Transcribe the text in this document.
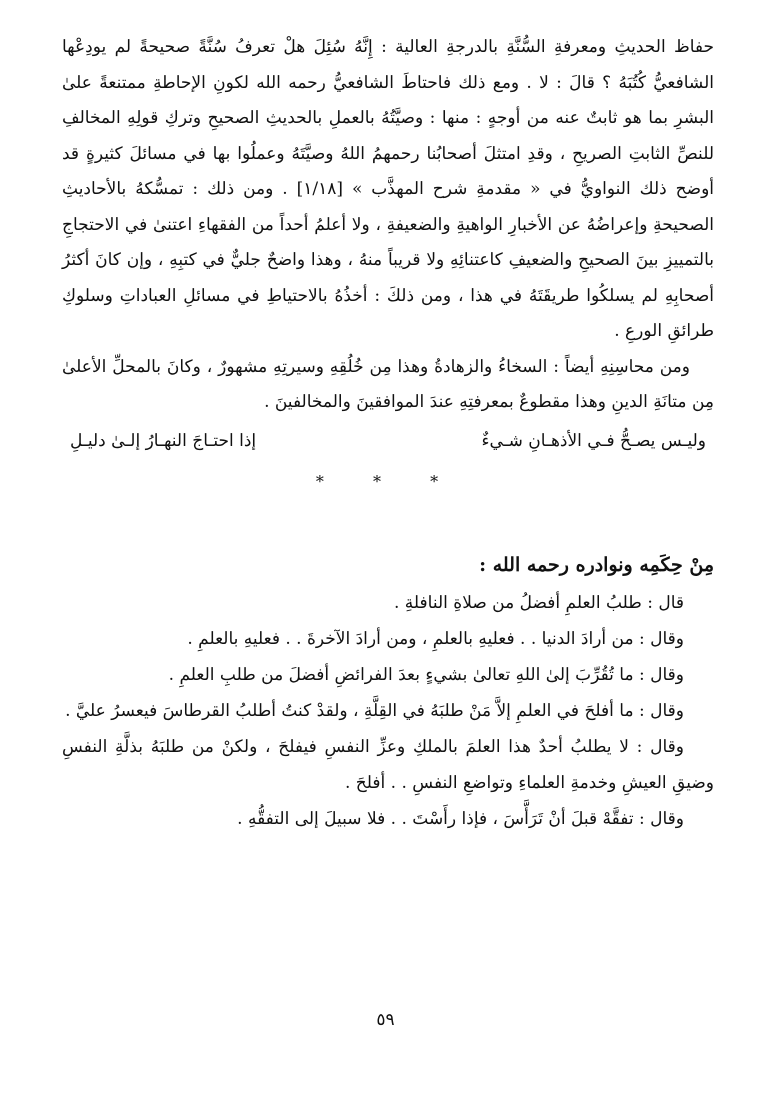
حفاظ الحديثِ ومعرفةِ السُّنَّةِ بالدرجةِ العالية : إِنَّهُ سُئِلَ هلْ تعرفُ سُنَّةً صحيحةً لم يودِعْها الشافعيُّ كُتُبَهُ ؟ قالَ : لا . ومع ذلك فاحتاطَ الشافعيُّ رحمه الله لكونِ الإحاطةِ ممتنعةً علىٰ البشرِ بما هو ثابتٌ عنه من أوجهٍ : منها : وصيَّتُهُ بالعملِ بالحديثِ الصحيحِ وتركِ قولِهِ المخالفِ للنصِّ الثابتِ الصريحِ ، وقدِ امتثلَ أصحابُنا رحمهمُ اللهُ وصيَّتَهُ وعملُوا بها في مسائلَ كثيرةٍ قد أوضح ذلك النواويُّ في « مقدمةِ شرح المهذَّب » [١/١٨] . ومن ذلك : تمسُّكهُ بالأحاديثِ الصحيحةِ وإعراضُهُ عن الأخبارِ الواهيةِ والضعيفةِ ، ولا أعلمُ أحداً من الفقهاءِ اعتنىٰ في الاحتجاجِ بالتمييزِ بينَ الصحيحِ والضعيفِ كاعتنائِهِ ولا قريباً منهُ ، وهذا واضحٌ جليٌّ في كتبِهِ ، وإن كانَ أكثرُ أصحابِهِ لم يسلكُوا طريقَتَهُ في هذا ، ومن ذلكَ : أخذُهُ بالاحتياطِ في مسائلِ العباداتِ وسلوكِ طرائقِ الورعِ .

ومن محاسِنِهِ أيضاً : السخاءُ والزهادةُ وهذا مِن خُلُقِهِ وسيرتِهِ مشهورٌ ، وكانَ بالمحلِّ الأعلىٰ مِن متانَةِ الدينِ وهذا مقطوعٌ بمعرفتِهِ عندَ الموافقينَ والمخالفينَ .

وليـس يصـحُّ فـي الأذهـانِ شـيءٌ
إذا احتـاجَ النهـارُ إلـىٰ دليـلِ
* * *
مِنْ حِكَمِه ونوادره رحمه الله :

قال : طلبُ العلمِ أفضلُ من صلاةِ النافلةِ .

وقال : من أرادَ الدنيا . . فعليهِ بالعلمِ ، ومن أرادَ الآخرةَ . . فعليهِ بالعلمِ .

وقال : ما تُقُرِّبَ إلىٰ اللهِ تعالىٰ بشيءٍ بعدَ الفرائضِ أفضلَ من طلبِ العلمِ .

وقال : ما أفلحَ في العلمِ إلاَّ مَنْ طلبَهُ في القِلَّةِ ، ولقدْ كنتُ أطلبُ القرطاسَ فيعسرُ عليَّ .

وقال : لا يطلبُ أحدٌ هذا العلمَ بالملكِ وعزِّ النفسِ فيفلحَ ، ولكنْ من طلبَهُ بذلَّةِ النفسِ وضيقِ العيشِ وخدمةِ العلماءِ وتواضعِ النفسِ . . أفلحَ .

وقال : تفقَّهْ قبلَ أنْ تَرَأَّسَ ، فإذا رأَسْتَ . . فلا سبيلَ إلى التفقُّهِ .

٥٩
